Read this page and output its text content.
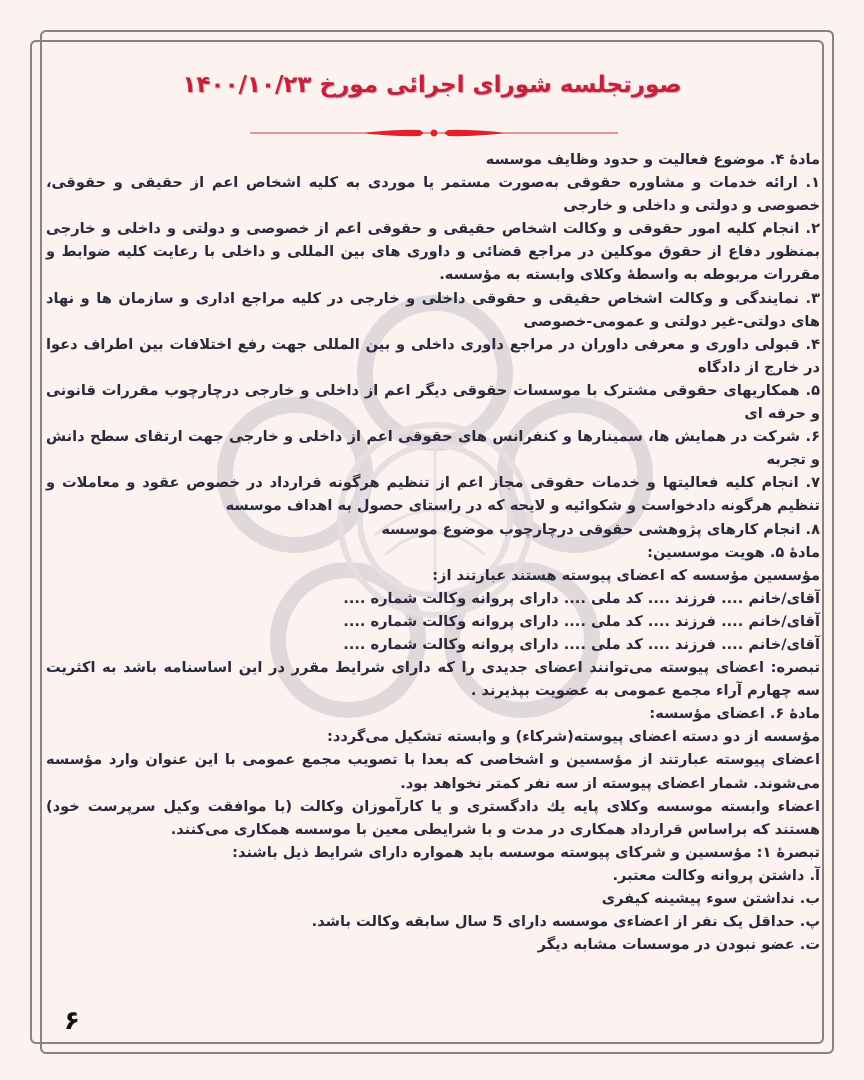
صورتجلسه شورای اجرائی مورخ ۱۴۰۰/۱۰/۲۳

مادهٔ ۴. موضوع فعالیت و حدود وظایف موسسه

۱. ارائه خدمات و مشاوره حقوقی به‌صورت مستمر یا موردی به کلیه اشخاص اعم از حقیقی و حقوقی، خصوصی و دولتی و داخلی و خارجی

۲. انجام کلیه امور حقوقی و وکالت اشخاص حقیقی و حقوقی اعم از خصوصی و دولتی و داخلی و خارجی بمنظور دفاع از حقوق موکلین در مراجع قضائی و داوری های بین المللی و داخلی با رعایت کلیه ضوابط و مقررات مربوطه به واسطهٔ وکلای وابسته به مؤسسه.

۳. نمایندگی و وکالت اشخاص حقیقی و حقوقی داخلی و خارجی در کلیه مراجع اداری و سازمان ها و نهاد های دولتی-غیر دولتی و عمومی-خصوصی

۴. قبولی داوری و معرفی داوران در مراجع داوری داخلی و بین المللی جهت رفع اختلافات بین اطراف دعوا در خارج از دادگاه

۵. همکاریهای حقوقی مشترک با موسسات حقوقی دیگر اعم از داخلی و خارجی درچارچوب مقررات قانونی و حرفه ای

۶. شرکت در همایش ها، سمینارها و کنفرانس های حقوقی اعم از داخلی و خارجی جهت ارتقای سطح دانش و تجربه

۷. انجام کلیه فعالیتها و خدمات حقوقی مجاز اعم از تنظیم هرگونه قرارداد در خصوص عقود و معاملات و تنظیم هرگونه دادخواست و شکوائیه و لایحه که در راستای حصول به اهداف موسسه

۸. انجام کارهای پژوهشی حقوقی درچارچوب موضوع موسسه

مادهٔ ۵. هویت موسسین:

مؤسسین مؤسسه که اعضای پیوسته هستند عبارتند از:

آقای/خانم .... فرزند .... کد ملی .... دارای پروانه وکالت شماره ....

آقای/خانم .... فرزند .... کد ملی .... دارای پروانه وکالت شماره ....

آقای/خانم .... فرزند .... کد ملی .... دارای پروانه وکالت شماره ....

تبصره: اعضای پیوسته می‌توانند اعضای جدیدی را که دارای شرایط مقرر در این اساسنامه باشد به اکثریت سه چهارم آراء مجمع عمومی به عضویت بپذیرند .

مادهٔ ۶. اعضای مؤسسه:

مؤسسه از دو دسته اعضای پیوسته(شرکاء) و وابسته تشکیل می‌گردد:

اعضای پیوسته عبارتند از مؤسسین و اشخاصی که بعدا با تصویب مجمع عمومی با این عنوان وارد مؤسسه می‌شوند. شمار اعضای پیوسته از سه نفر کمتر نخواهد بود.

اعضاء وابسته موسسه وکلای پایه یك دادگستری و یا کارآموزان وکالت (با موافقت وکیل سرپرست خود) هستند که براساس قرارداد همکاری در مدت و با شرایطی معین با موسسه همکاری می‌کنند.

تبصرهٔ ۱: مؤسسین و شرکای پیوسته موسسه باید همواره دارای شرایط ذیل باشند:

آ. داشتن پروانه وکالت معتبر.

ب. نداشتن سوء پیشینه کیفری

پ. حداقل یک نفر از اعضاءی موسسه دارای 5 سال سابقه وکالت باشد.

ت. عضو نبودن در موسسات مشابه دیگر

۶
